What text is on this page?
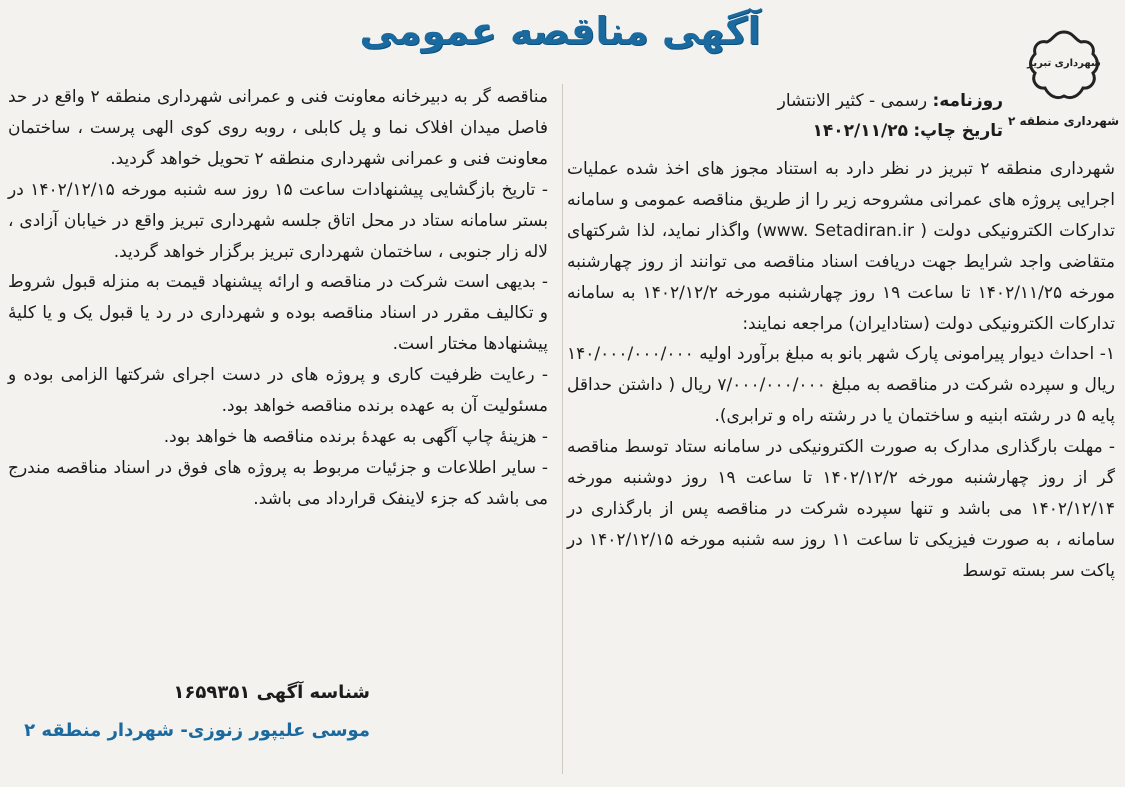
آگهی مناقصه عمومی
شهرداری تبریز
شهرداری منطقه ۲
روزنامه: رسمی - کثیر الانتشار
تاریخ چاپ: ۱۴۰۲/۱۱/۲۵

شهرداری منطقه ۲ تبریز در نظر دارد به استناد مجوز های اخذ شده عملیات اجرایی پروژه های عمرانی مشروحه زیر را از طریق مناقصه عمومی و سامانه تدارکات الکترونیکی دولت ( www. Setadiran.ir) واگذار نماید، لذا شرکتهای متقاضی واجد شرایط جهت دریافت اسناد مناقصه می توانند از روز چهارشنبه مورخه ۱۴۰۲/۱۱/۲۵ تا ساعت ۱۹ روز چهارشنبه مورخه ۱۴۰۲/۱۲/۲ به سامانه تدارکات الکترونیکی دولت (ستادایران) مراجعه نمایند:

۱- احداث دیوار پیرامونی پارک شهر بانو به مبلغ برآورد اولیه ۱۴۰/۰۰۰/۰۰۰/۰۰۰ ریال و سپرده شرکت در مناقصه به مبلغ ۷/۰۰۰/۰۰۰/۰۰۰ ریال ( داشتن حداقل پایه ۵ در رشته ابنیه و ساختمان یا در رشته راه و ترابری).

- مهلت بارگذاری مدارک به صورت الکترونیکی در سامانه ستاد توسط مناقصه گر از روز چهارشنبه مورخه ۱۴۰۲/۱۲/۲ تا ساعت ۱۹ روز دوشنبه مورخه ۱۴۰۲/۱۲/۱۴ می باشد و تنها سپرده شرکت در مناقصه پس از بارگذاری در سامانه ، به صورت فیزیکی تا ساعت ۱۱ روز سه شنبه مورخه ۱۴۰۲/۱۲/۱۵ در پاکت سر بسته توسط

مناقصه گر به دبیرخانه معاونت فنی و عمرانی شهرداری منطقه ۲ واقع در حد فاصل میدان افلاک نما و پل کابلی ، روبه روی کوی الهی پرست ، ساختمان معاونت فنی و عمرانی شهرداری منطقه ۲ تحویل خواهد گردید.

- تاریخ بازگشایی پیشنهادات ساعت ۱۵ روز سه شنبه مورخه ۱۴۰۲/۱۲/۱۵ در بستر سامانه ستاد در محل اتاق جلسه شهرداری تبریز واقع در خیابان آزادی ، لاله زار جنوبی ، ساختمان شهرداری تبریز برگزار خواهد گردید.

- بدیهی است شرکت در مناقصه و ارائه پیشنهاد قیمت به منزله قبول شروط و تکالیف مقرر در اسناد مناقصه بوده و شهرداری در رد یا قبول یک و یا کلیهٔ پیشنهادها مختار است.

- رعایت ظرفیت کاری و پروژه های در دست اجرای شرکتها الزامی بوده و مسئولیت آن به عهده برنده مناقصه خواهد بود.

- هزینهٔ چاپ آگهی به عهدهٔ برنده مناقصه ها خواهد بود.

- سایر اطلاعات و جزئیات مربوط به پروژه های فوق در اسناد مناقصه مندرج می باشد که جزء لاینفک قرارداد می باشد.

شناسه آگهی ۱۶۵۹۳۵۱
موسی علیپور زنوزی- شهردار منطقه ۲
